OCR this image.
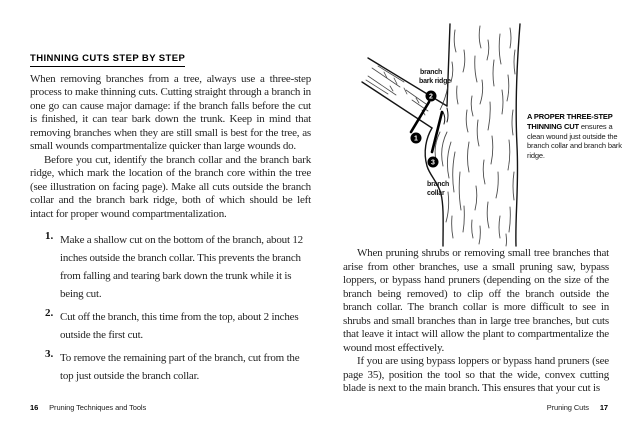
THINNING CUTS STEP BY STEP

When removing branches from a tree, always use a three-step process to make thinning cuts. Cutting straight through a branch in one go can cause major damage: if the branch falls before the cut is finished, it can tear bark down the trunk. Keep in mind that removing branches when they are still small is best for the tree, as small wounds compartmentalize quicker than large wounds do.

Before you cut, identify the branch collar and the branch bark ridge, which mark the location of the branch core within the tree (see illustration on facing page). Make all cuts outside the branch collar and the branch bark ridge, both of which should be left intact for proper wound compartmentalization.

1. Make a shallow cut on the bottom of the branch, about 12 inches outside the branch collar. This prevents the branch from falling and tearing bark down the trunk while it is being cut.
2. Cut off the branch, this time from the top, about 2 inches outside the first cut.
3. To remove the remaining part of the branch, cut from the top just outside the branch collar.
16 Pruning Techniques and Tools
2
1
3
branch
bark ridge
branch
collar
A PROPER THREE-STEP THINNING CUT ensures a clean wound just outside the branch collar and branch bark ridge.

When pruning shrubs or removing small tree branches that arise from other branches, use a small pruning saw, bypass loppers, or bypass hand pruners (depending on the size of the branch being removed) to clip off the branch outside the branch collar. The branch collar is more difficult to see in shrubs and small branches than in large tree branches, but cuts that leave it intact will allow the plant to compartmentalize the wound most effectively.

If you are using bypass loppers or bypass hand pruners (see page 35), position the tool so that the wide, convex cutting blade is next to the main branch. This ensures that your cut is

Pruning Cuts 17
